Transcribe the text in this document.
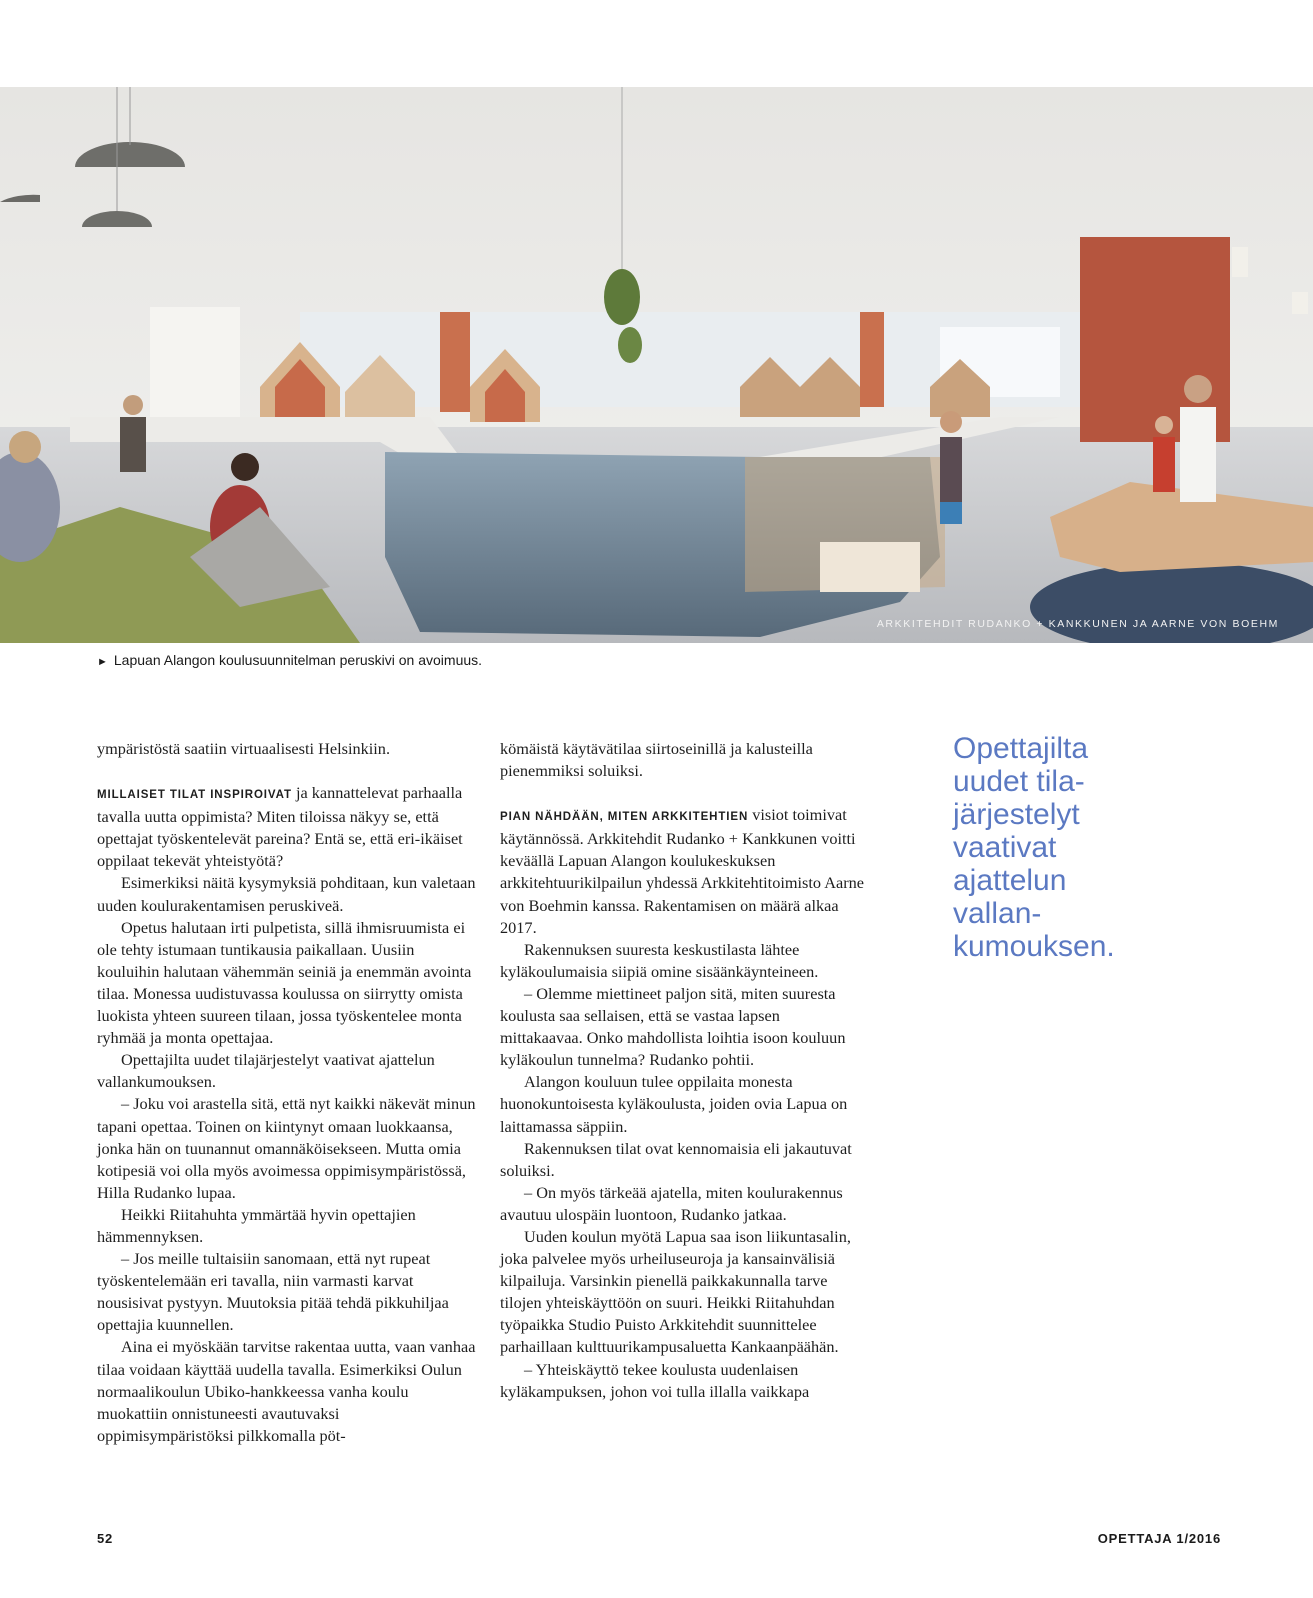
ARKKITEHDIT RUDANKO + KANKKUNEN JA AARNE VON BOEHM
► Lapuan Alangon koulusuunnitelman peruskivi on avoimuus.

ympäristöstä saatiin virtuaalisesti Helsinkiin.

MILLAISET TILAT INSPIROIVAT ja kannattelevat parhaalla tavalla uutta oppimista? Miten tiloissa näkyy se, että opettajat työskentelevät pareina? Entä se, että eri-ikäiset oppilaat tekevät yhteistyötä?

Esimerkiksi näitä kysymyksiä pohditaan, kun valetaan uuden koulurakentamisen peruskiveä.

Opetus halutaan irti pulpetista, sillä ihmisruumista ei ole tehty istumaan tuntikausia paikallaan. Uusiin kouluihin halutaan vähemmän seiniä ja enemmän avointa tilaa. Monessa uudistuvassa koulussa on siirrytty omista luokista yhteen suureen tilaan, jossa työskentelee monta ryhmää ja monta opettajaa.

Opettajilta uudet tilajärjestelyt vaativat ajattelun vallankumouksen.

– Joku voi arastella sitä, että nyt kaikki näkevät minun tapani opettaa. Toinen on kiintynyt omaan luokkaansa, jonka hän on tuunannut omannäköisekseen. Mutta omia kotipesiä voi olla myös avoimessa oppimisympäristössä, Hilla Rudanko lupaa.

Heikki Riitahuhta ymmärtää hyvin opettajien hämmennyksen.

– Jos meille tultaisiin sanomaan, että nyt rupeat työskentelemään eri tavalla, niin varmasti karvat nousisivat pystyyn. Muutoksia pitää tehdä pikkuhiljaa opettajia kuunnellen.

Aina ei myöskään tarvitse rakentaa uutta, vaan vanhaa tilaa voidaan käyttää uudella tavalla. Esimerkiksi Oulun normaalikoulun Ubiko-hankkeessa vanha koulu muokattiin onnistuneesti avautuvaksi oppimisympäristöksi pilkkomalla pöt-

kömäistä käytävätilaa siirtoseinillä ja kalusteilla pienemmiksi soluiksi.

PIAN NÄHDÄÄN, MITEN ARKKITEHTIEN visiot toimivat käytännössä. Arkkitehdit Rudanko + Kankkunen voitti keväällä Lapuan Alangon koulukeskuksen arkkitehtuurikilpailun yhdessä Arkkitehtitoimisto Aarne von Boehmin kanssa. Rakentamisen on määrä alkaa 2017.

Rakennuksen suuresta keskustilasta lähtee kyläkoulumaisia siipiä omine sisäänkäynteineen.

– Olemme miettineet paljon sitä, miten suuresta koulusta saa sellaisen, että se vastaa lapsen mittakaavaa. Onko mahdollista loihtia isoon kouluun kyläkoulun tunnelma? Rudanko pohtii.

Alangon kouluun tulee oppilaita monesta huonokuntoisesta kyläkoulusta, joiden ovia Lapua on laittamassa säppiin.

Rakennuksen tilat ovat kennomaisia eli jakautuvat soluiksi.

– On myös tärkeää ajatella, miten koulurakennus avautuu ulospäin luontoon, Rudanko jatkaa.

Uuden koulun myötä Lapua saa ison liikuntasalin, joka palvelee myös urheiluseuroja ja kansainvälisiä kilpailuja. Varsinkin pienellä paikkakunnalla tarve tilojen yhteiskäyttöön on suuri. Heikki Riitahuhdan työpaikka Studio Puisto Arkkitehdit suunnittelee parhaillaan kulttuurikampusaluetta Kankaanpäähän.

– Yhteiskäyttö tekee koulusta uudenlaisen kyläkampuksen, johon voi tulla illalla vaikkapa

Opettajilta
uudet tila-
järjestelyt
vaativat
ajattelun
vallan-
kumouksen.
52	OPETTAJA 1/2016
